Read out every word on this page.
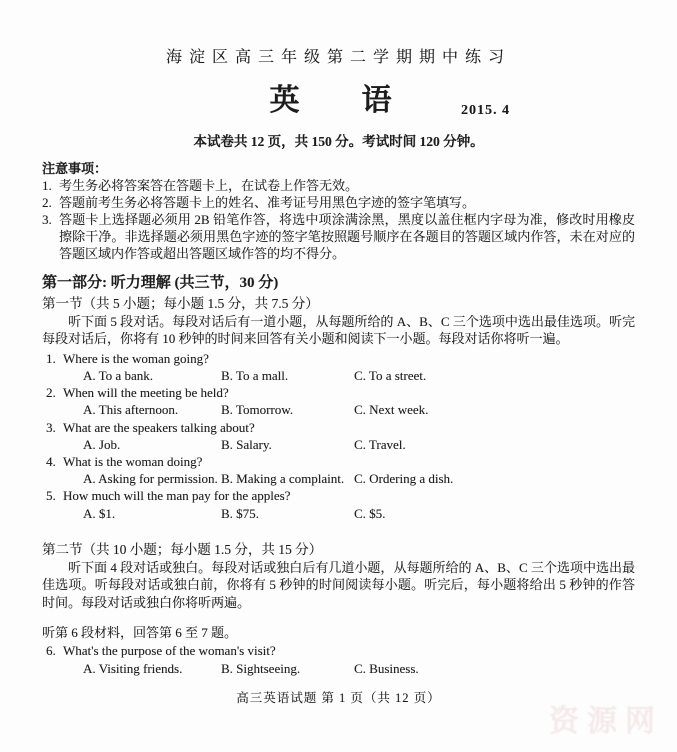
海淀区高三年级第二学期期中练习
英　语	2015. 4
本试卷共 12 页，共 150 分。考试时间 120 分钟。
注意事项：
1. 考生务必将答案答在答题卡上，在试卷上作答无效。
2. 答题前考生务必将答题卡上的姓名、准考证号用黑色字迹的签字笔填写。
3. 答题卡上选择题必须用 2B 铅笔作答，将选中项涂满涂黑，黑度以盖住框内字母为准，修改时用橡皮擦除干净。非选择题必须用黑色字迹的签字笔按照题号顺序在各题目的答题区域内作答，未在对应的答题区域内作答或超出答题区域作答的均不得分。
第一部分: 听力理解 (共三节，30 分)
第一节（共 5 小题；每小题 1.5 分，共 7.5 分）
听下面 5 段对话。每段对话后有一道小题，从每题所给的 A、B、C 三个选项中选出最佳选项。听完每段对话后，你将有 10 秒钟的时间来回答有关小题和阅读下一小题。每段对话你将听一遍。
1. Where is the woman going?
A. To a bank.	B. To a mall.	C. To a street.
2. When will the meeting be held?
A. This afternoon.	B. Tomorrow.	C. Next week.
3. What are the speakers talking about?
A. Job.	B. Salary.	C. Travel.
4. What is the woman doing?
A. Asking for permission. B. Making a complaint. C. Ordering a dish.
5. How much will the man pay for the apples?
A. $1.	B. $75.	C. $5.
第二节（共 10 小题；每小题 1.5 分，共 15 分）
听下面 4 段对话或独白。每段对话或独白后有几道小题，从每题所给的 A、B、C 三个选项中选出最佳选项。听每段对话或独白前，你将有 5 秒钟的时间阅读每小题。听完后，每小题将给出 5 秒钟的作答时间。每段对话或独白你将听两遍。
听第 6 段材料，回答第 6 至 7 题。
6. What's the purpose of the woman's visit?
A. Visiting friends.	B. Sightseeing.	C. Business.
高三英语试题 第 1 页（共 12 页）
资源网
